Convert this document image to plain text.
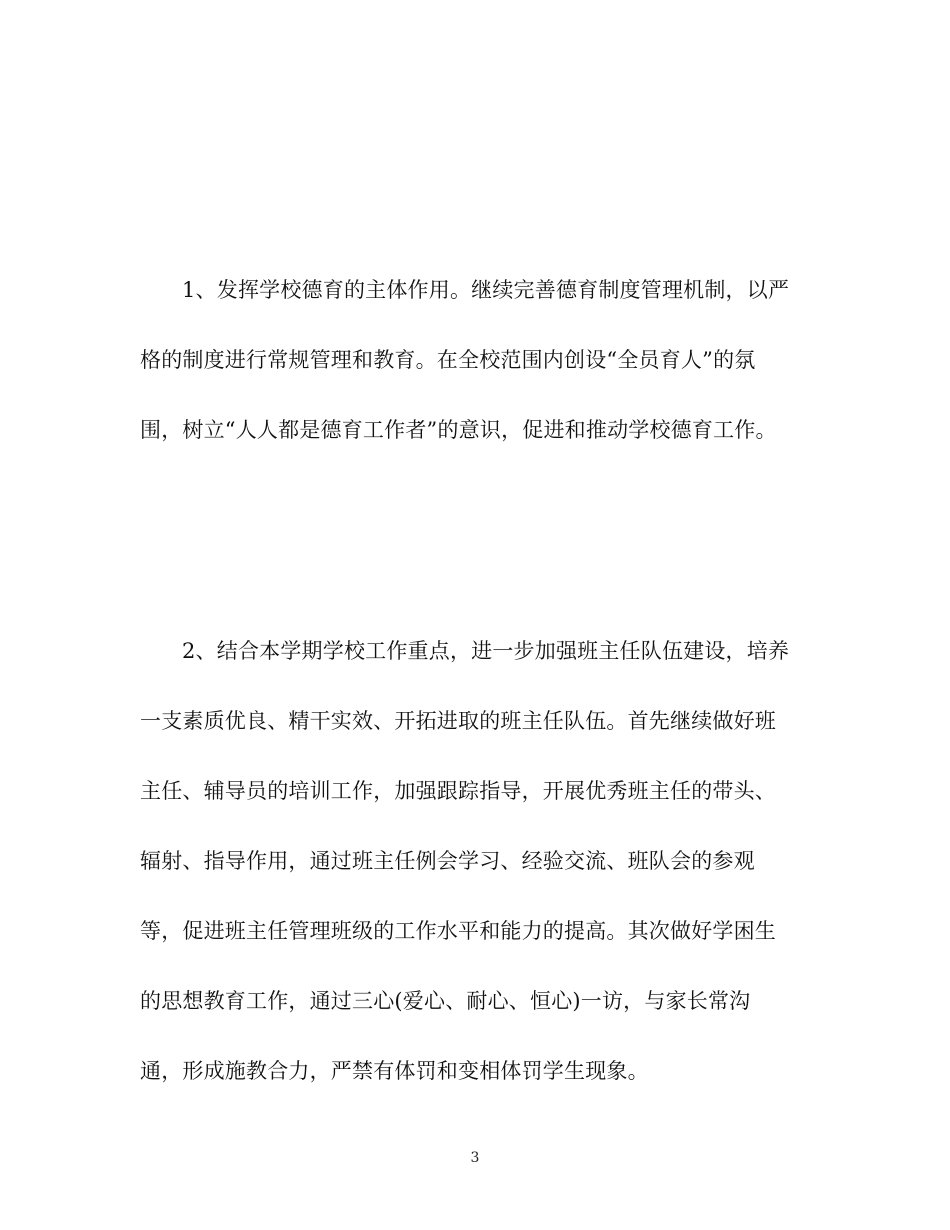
1、发挥学校德育的主体作用。继续完善德育制度管理机制，以严
格的制度进行常规管理和教育。在全校范围内创设“全员育人”的氛
围，树立“人人都是德育工作者”的意识，促进和推动学校德育工作。
2、结合本学期学校工作重点，进一步加强班主任队伍建设，培养
一支素质优良、精干实效、开拓进取的班主任队伍。首先继续做好班
主任、辅导员的培训工作，加强跟踪指导，开展优秀班主任的带头、
辐射、指导作用，通过班主任例会学习、经验交流、班队会的参观
等，促进班主任管理班级的工作水平和能力的提高。其次做好学困生
的思想教育工作，通过三心(爱心、耐心、恒心)一访，与家长常沟
通，形成施教合力，严禁有体罚和变相体罚学生现象。
3
